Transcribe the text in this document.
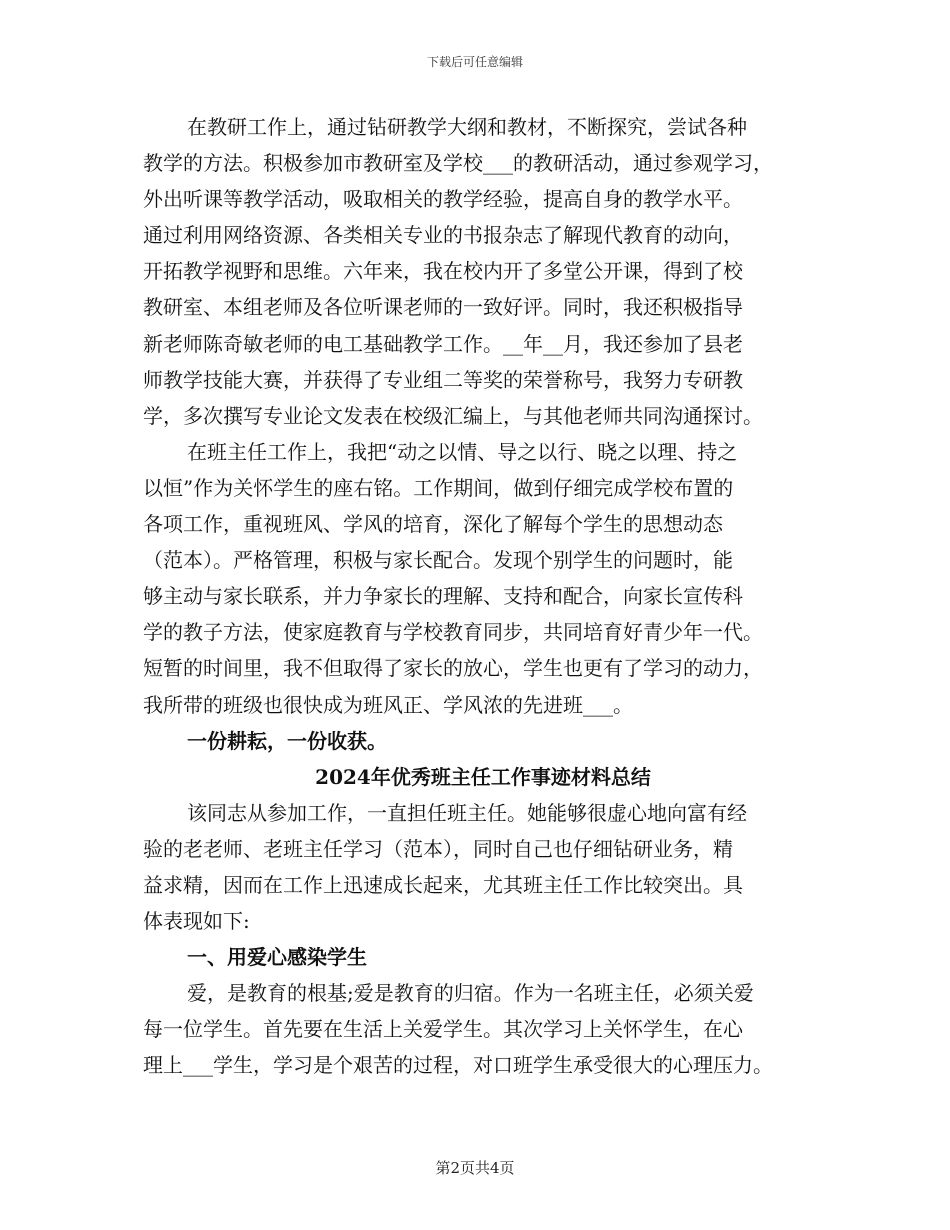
下载后可任意编辑
在教研工作上，通过钻研教学大纲和教材，不断探究，尝试各种
教学的方法。积极参加市教研室及学校___的教研活动，通过参观学习，
外出听课等教学活动，吸取相关的教学经验，提高自身的教学水平。
通过利用网络资源、各类相关专业的书报杂志了解现代教育的动向，
开拓教学视野和思维。六年来，我在校内开了多堂公开课，得到了校
教研室、本组老师及各位听课老师的一致好评。同时，我还积极指导
新老师陈奇敏老师的电工基础教学工作。__年__月，我还参加了县老
师教学技能大赛，并获得了专业组二等奖的荣誉称号，我努力专研教
学，多次撰写专业论文发表在校级汇编上，与其他老师共同沟通探讨。
在班主任工作上，我把“动之以情、导之以行、晓之以理、持之
以恒”作为关怀学生的座右铭。工作期间，做到仔细完成学校布置的
各项工作，重视班风、学风的培育，深化了解每个学生的思想动态
（范本）。严格管理，积极与家长配合。发现个别学生的问题时，能
够主动与家长联系，并力争家长的理解、支持和配合，向家长宣传科
学的教子方法，使家庭教育与学校教育同步，共同培育好青少年一代。
短暂的时间里，我不但取得了家长的放心，学生也更有了学习的动力，
我所带的班级也很快成为班风正、学风浓的先进班___。
一份耕耘，一份收获。
2024年优秀班主任工作事迹材料总结
该同志从参加工作，一直担任班主任。她能够很虚心地向富有经
验的老老师、老班主任学习（范本），同时自己也仔细钻研业务，精
益求精，因而在工作上迅速成长起来，尤其班主任工作比较突出。具
体表现如下:
一、用爱心感染学生
爱，是教育的根基;爱是教育的归宿。作为一名班主任，必须关爱
每一位学生。首先要在生活上关爱学生。其次学习上关怀学生，在心
理上___学生，学习是个艰苦的过程，对口班学生承受很大的心理压力。
第2页共4页
